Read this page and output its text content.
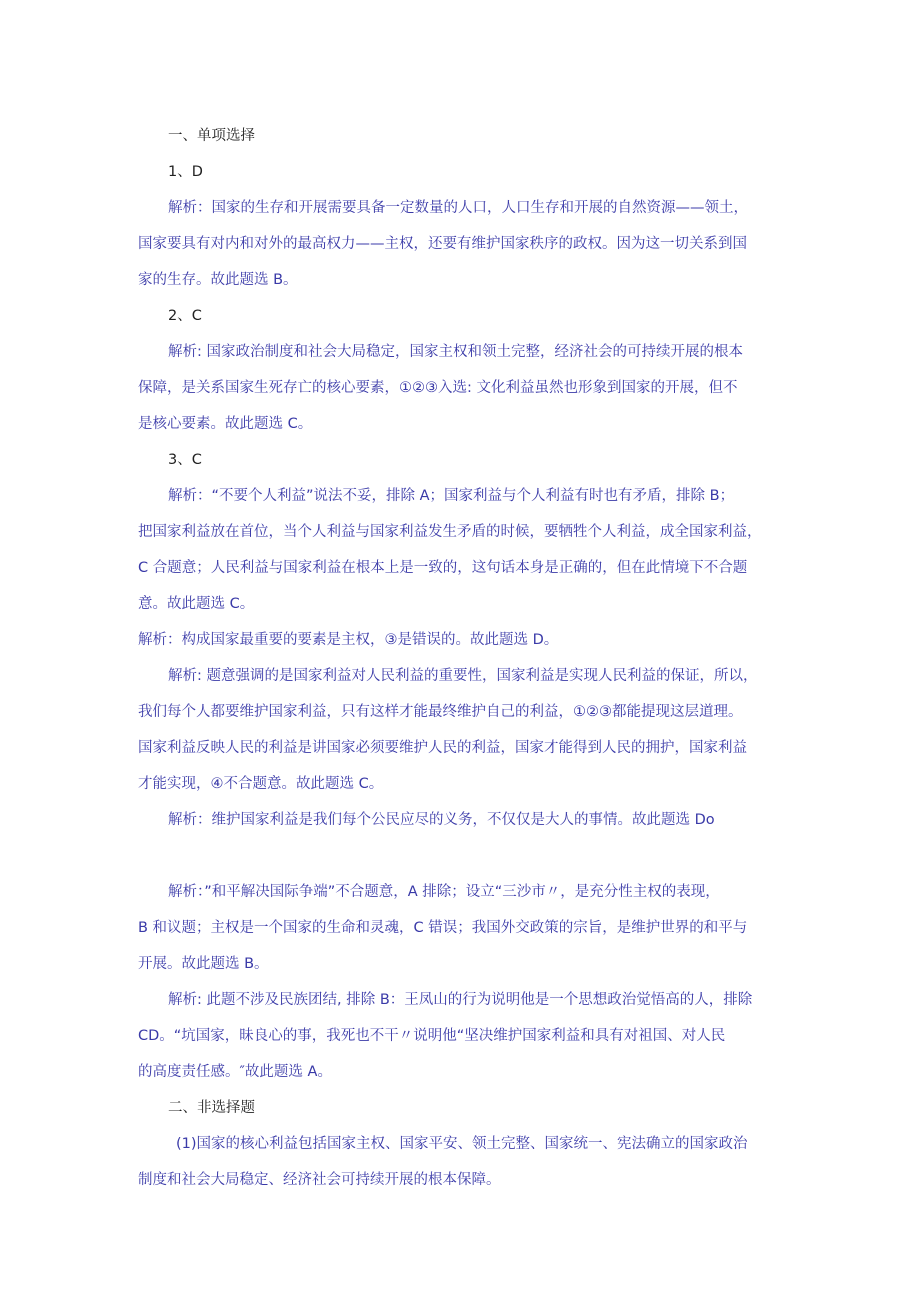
一、单项选择
1、D
解析：国家的生存和开展需要具备一定数量的人口，人口生存和开展的自然资源——领土，
国家要具有对内和对外的最高权力——主权，还要有维护国家秩序的政权。因为这一切关系到国
家的生存。故此题选 B。
2、C
解析: 国家政治制度和社会大局稳定，国家主权和领土完整，经济社会的可持续开展的根本
保障，是关系国家生死存亡的核心要素，①②③入选: 文化利益虽然也形象到国家的开展，但不
是核心要素。故此题选 C。
3、C
解析：“不要个人利益”说法不妥，排除 A；国家利益与个人利益有时也有矛盾，排除 B；
把国家利益放在首位，当个人利益与国家利益发生矛盾的时候，要牺牲个人利益，成全国家利益，
C 合题意；人民利益与国家利益在根本上是一致的，这句话本身是正确的，但在此情境下不合题
意。故此题选 C。
解析：构成国家最重要的要素是主权，③是错误的。故此题选 D。
解析: 题意强调的是国家利益对人民利益的重要性，国家利益是实现人民利益的保证，所以，
我们每个人都要维护国家利益，只有这样才能最终维护自己的利益，①②③都能提现这层道理。
国家利益反映人民的利益是讲国家必须要维护人民的利益，国家才能得到人民的拥护，国家利益
才能实现，④不合题意。故此题选 C。
解析：维护国家利益是我们每个公民应尽的义务，不仅仅是大人的事情。故此题选 Do
解析：”和平解决国际争端”不合题意，A 排除；设立“三沙市〃，是充分性主权的表现，
B 和议题；主权是一个国家的生命和灵魂，C 错误；我国外交政策的宗旨，是维护世界的和平与
开展。故此题选 B。
解析: 此题不涉及民族团结, 排除 B：王凤山的行为说明他是一个思想政治觉悟高的人，排除
CD。“坑国家，昧良心的事，我死也不干〃说明他“坚决维护国家利益和具有对祖国、对人民
的高度责任感。″故此题选 A。
二、非选择题
(1)国家的核心利益包括国家主权、国家平安、领土完整、国家统一、宪法确立的国家政治
制度和社会大局稳定、经济社会可持续开展的根本保障。
